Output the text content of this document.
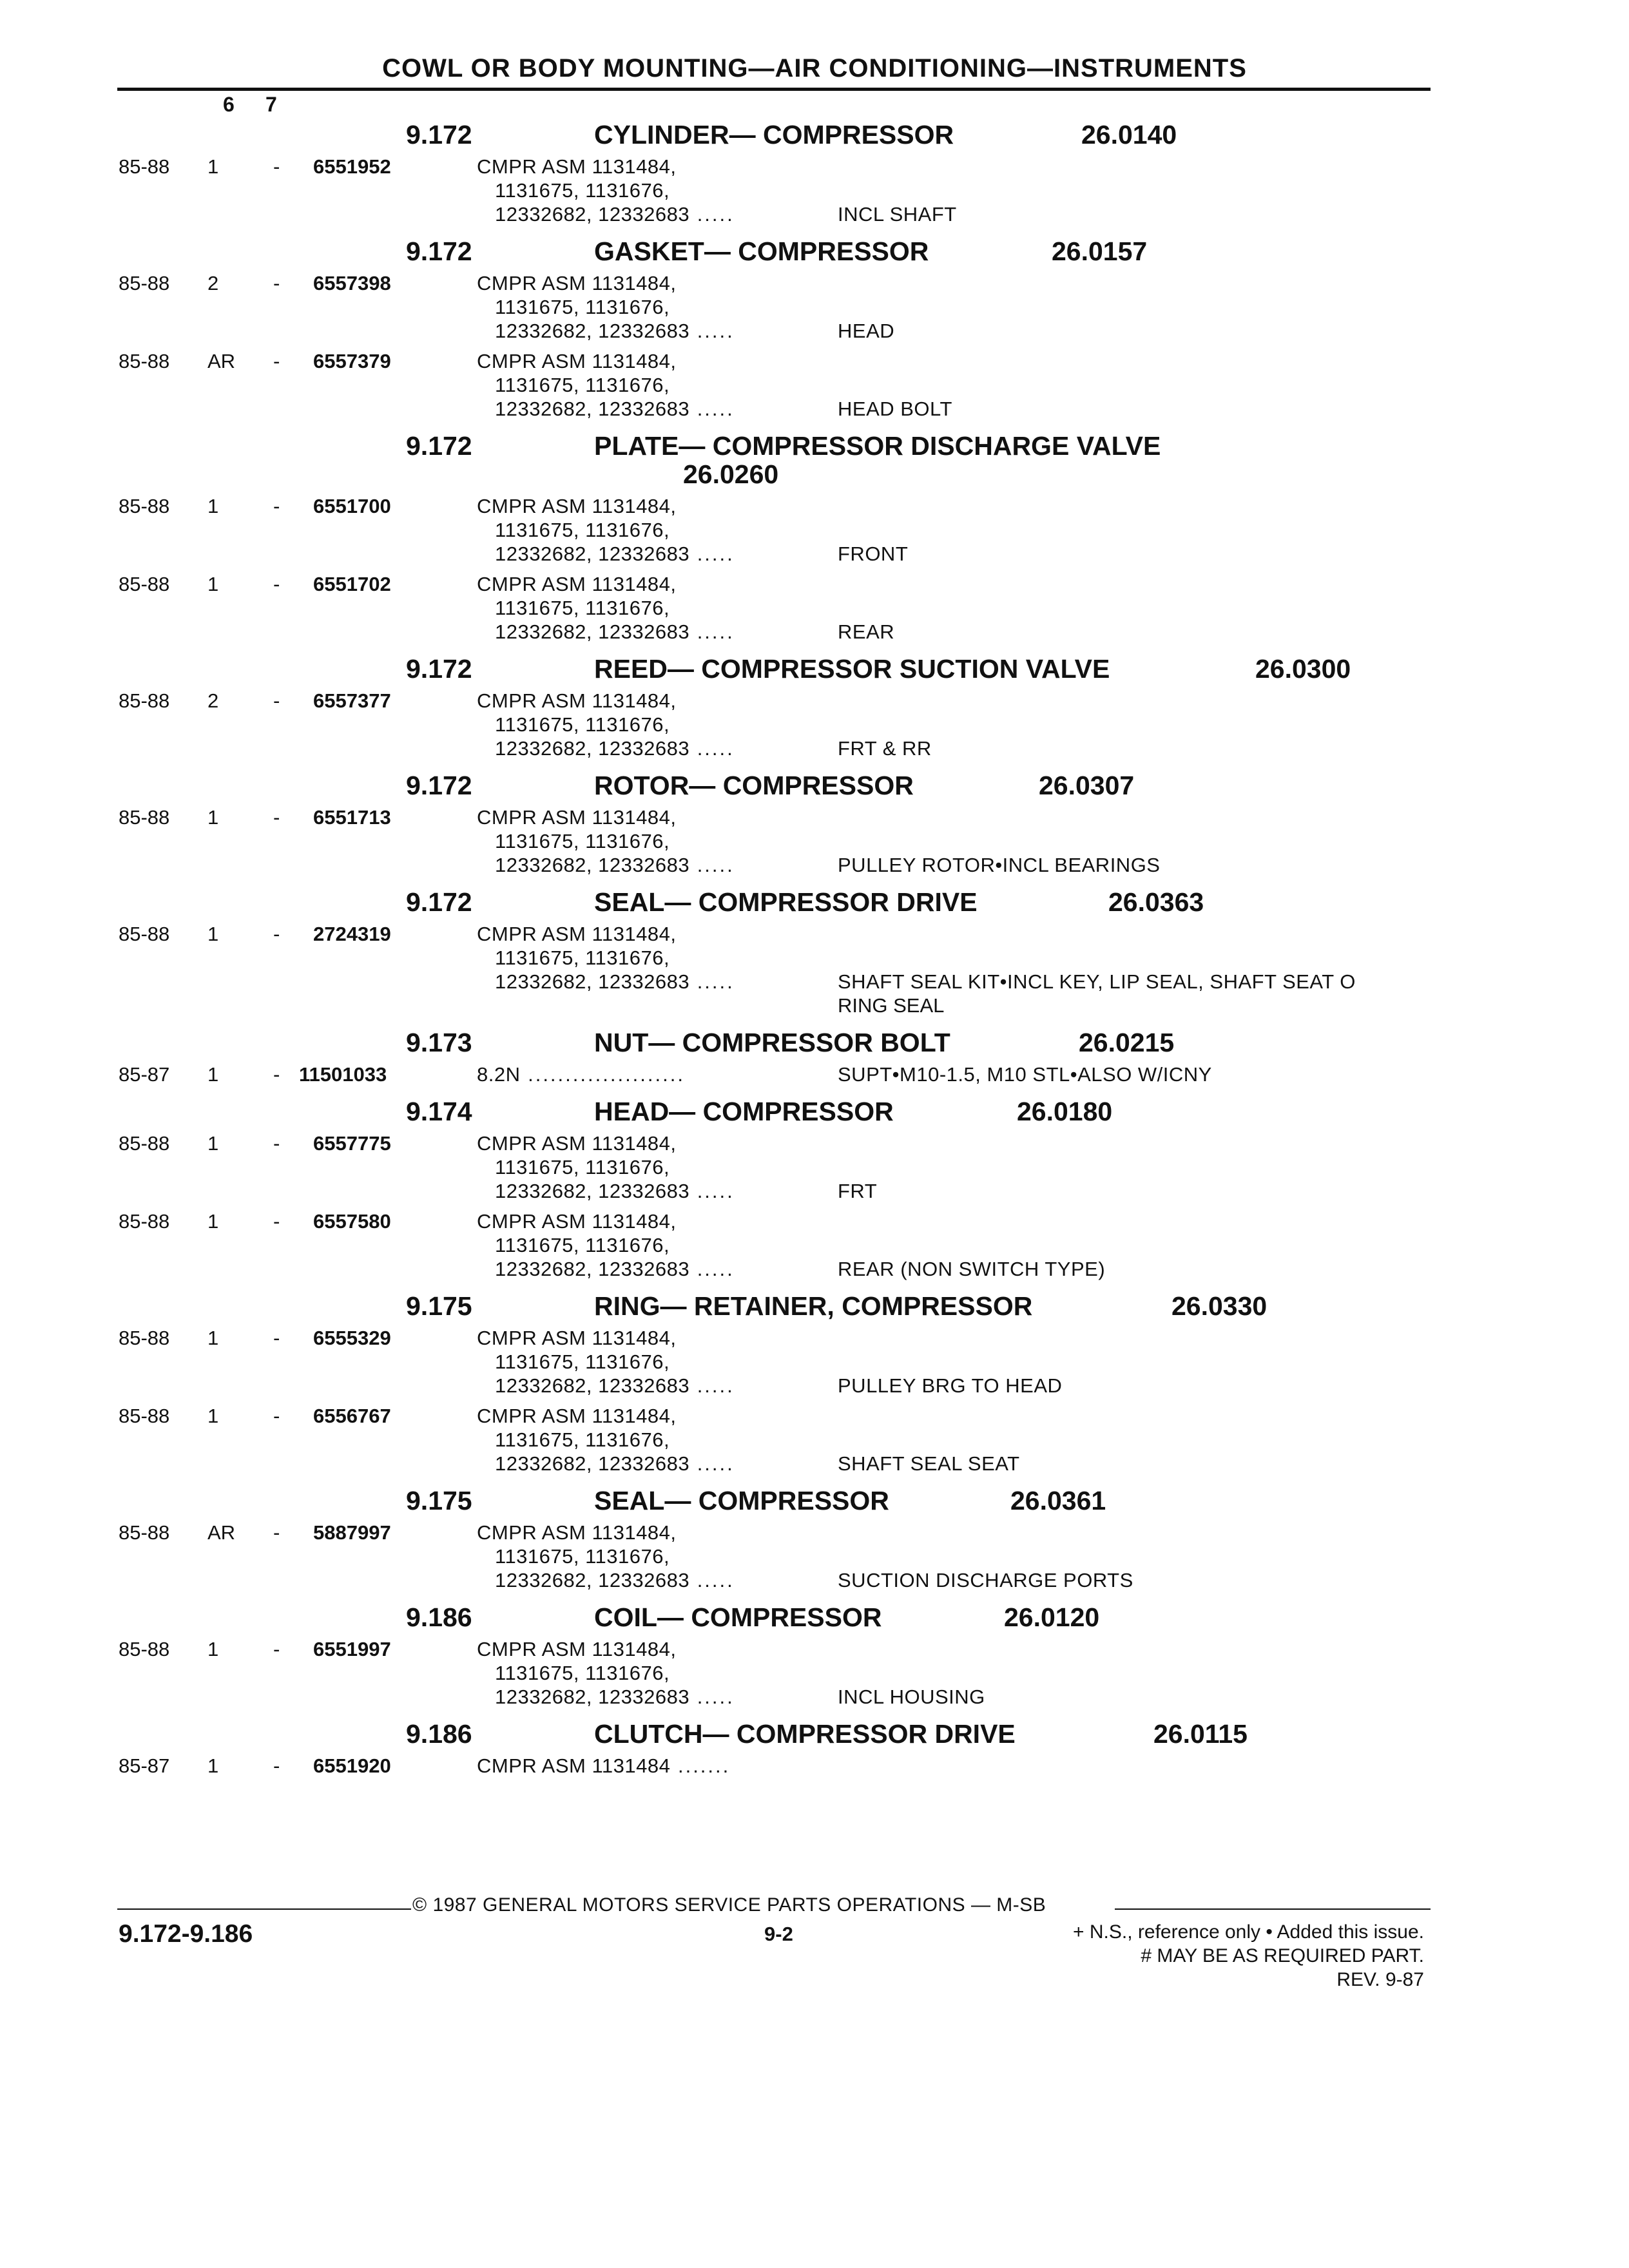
COWL OR BODY MOUNTING—AIR CONDITIONING—INSTRUMENTS
6 7
9.172	CYLINDER— COMPRESSOR	26.0140
85-88 1	- 6551952	CMPR ASM 1131484,
1131675, 1131676,
12332682, 12332683 .....	INCL SHAFT
9.172	GASKET— COMPRESSOR	26.0157
85-88 2	- 6557398	CMPR ASM 1131484,
1131675, 1131676,
12332682, 12332683 .....	HEAD
85-88 AR - 6557379	CMPR ASM 1131484,
1131675, 1131676,
12332682, 12332683 .....	HEAD BOLT
9.172	PLATE— COMPRESSOR DISCHARGE VALVE
26.0260
85-88 1	- 6551700	CMPR ASM 1131484,
1131675, 1131676,
12332682, 12332683 .....	FRONT
85-88 1	- 6551702	CMPR ASM 1131484,
1131675, 1131676,
12332682, 12332683 .....	REAR
9.172	REED— COMPRESSOR SUCTION VALVE	26.0300
85-88 2	- 6557377	CMPR ASM 1131484,
1131675, 1131676,
12332682, 12332683 .....	FRT & RR
9.172	ROTOR— COMPRESSOR	26.0307
85-88 1	- 6551713	CMPR ASM 1131484,
1131675, 1131676,
12332682, 12332683 .....	PULLEY ROTOR•INCL BEARINGS
9.172	SEAL— COMPRESSOR DRIVE	26.0363
85-88 1	- 2724319	CMPR ASM 1131484,
1131675, 1131676,
12332682, 12332683 .....	SHAFT SEAL KIT•INCL KEY, LIP SEAL, SHAFT SEAT O
RING SEAL
9.173	NUT— COMPRESSOR BOLT	26.0215
85-87 1	- 11501033	8.2N .....................	SUPT•M10-1.5, M10 STL•ALSO W/ICNY
9.174	HEAD— COMPRESSOR	26.0180
85-88 1	- 6557775	CMPR ASM 1131484,
1131675, 1131676,
12332682, 12332683 .....	FRT
85-88 1	- 6557580	CMPR ASM 1131484,
1131675, 1131676,
12332682, 12332683 .....	REAR (NON SWITCH TYPE)
9.175	RING— RETAINER, COMPRESSOR	26.0330
85-88 1	- 6555329	CMPR ASM 1131484,
1131675, 1131676,
12332682, 12332683 .....	PULLEY BRG TO HEAD
85-88 1	- 6556767	CMPR ASM 1131484,
1131675, 1131676,
12332682, 12332683 .....	SHAFT SEAL SEAT
9.175	SEAL— COMPRESSOR	26.0361
85-88 AR - 5887997	CMPR ASM 1131484,
1131675, 1131676,
12332682, 12332683 .....	SUCTION DISCHARGE PORTS
9.186	COIL— COMPRESSOR	26.0120
85-88 1	- 6551997	CMPR ASM 1131484,
1131675, 1131676,
12332682, 12332683 .....	INCL HOUSING
9.186	CLUTCH— COMPRESSOR DRIVE	26.0115
85-87 1	- 6551920	CMPR ASM 1131484 .......
© 1987 GENERAL MOTORS SERVICE PARTS OPERATIONS — M-SB
9.172-9.186	9-2	+ N.S., reference only • Added this issue.
# MAY BE AS REQUIRED PART.
REV. 9-87
